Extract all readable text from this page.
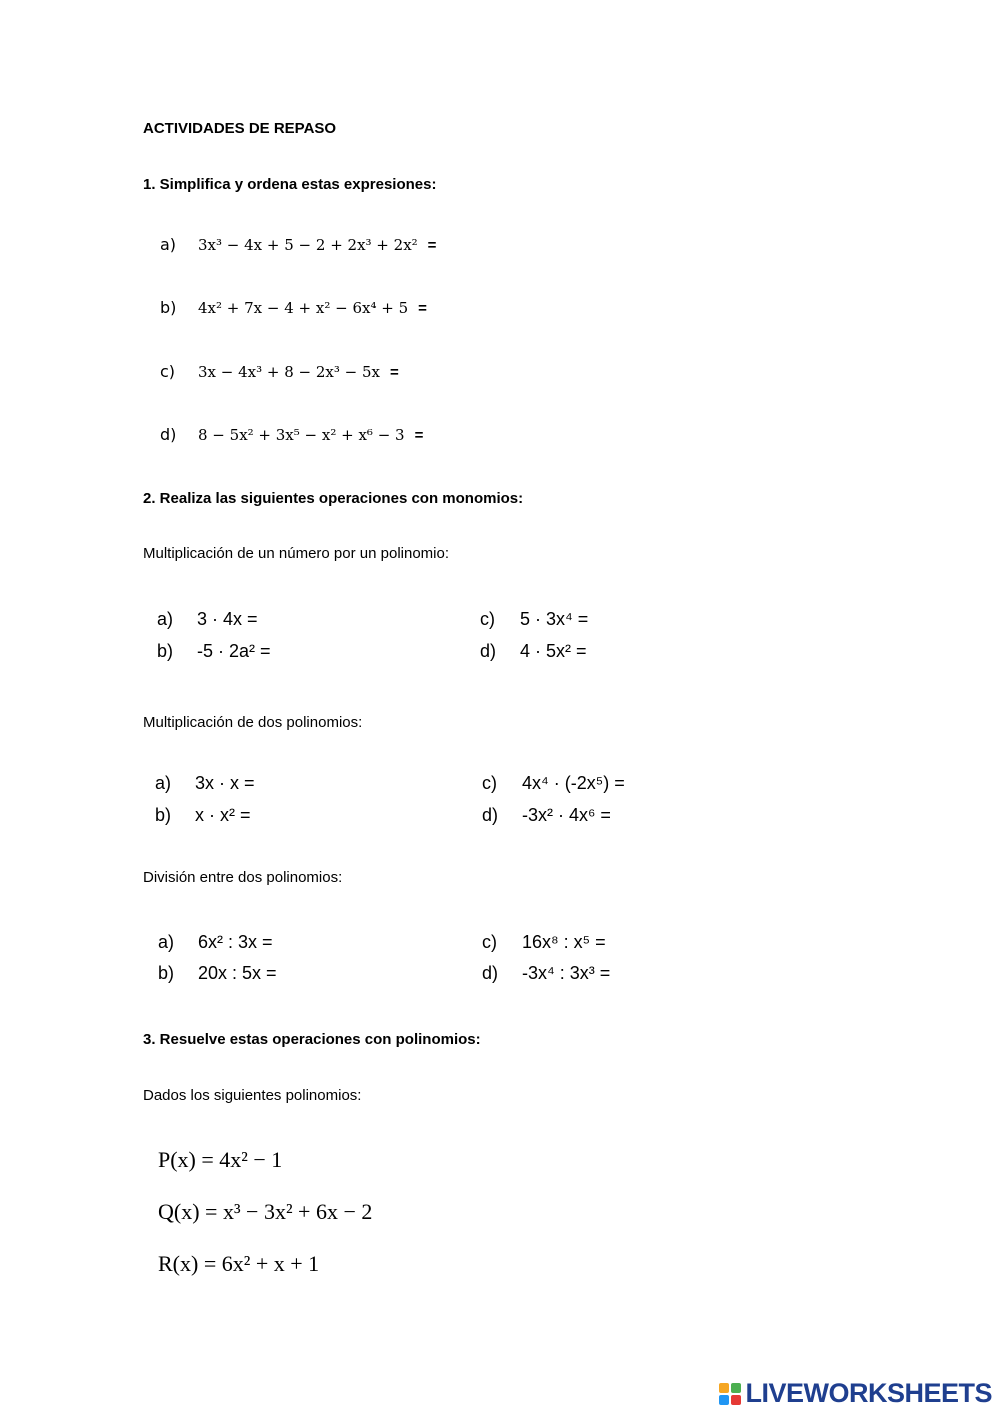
ACTIVIDADES DE REPASO
1. Simplifica y ordena estas expresiones:
a) 3x³ − 4x + 5 − 2 + 2x³ + 2x² =
b) 4x² + 7x − 4 + x² − 6x⁴ + 5 =
c) 3x − 4x³ + 8 − 2x³ − 5x =
d) 8 − 5x² + 3x⁵ − x² + x⁶ − 3 =
2. Realiza las siguientes operaciones con monomios:
Multiplicación de un número por un polinomio:
a) 3 · 4x =
b) -5 · 2a² =
c) 5 · 3x⁴ =
d) 4 · 5x² =
Multiplicación de dos polinomios:
a) 3x · x =
b) x · x² =
c) 4x⁴ · (-2x⁵) =
d) -3x² · 4x⁶ =
División entre dos polinomios:
a) 6x² : 3x =
b) 20x : 5x =
c) 16x⁸ : x⁵ =
d) -3x⁴ : 3x³ =
3. Resuelve estas operaciones con polinomios:
Dados los siguientes polinomios:
P(x) = 4x² − 1
Q(x) = x³ − 3x² + 6x − 2
R(x) = 6x² + x + 1
LIVEWORKSHEETS
